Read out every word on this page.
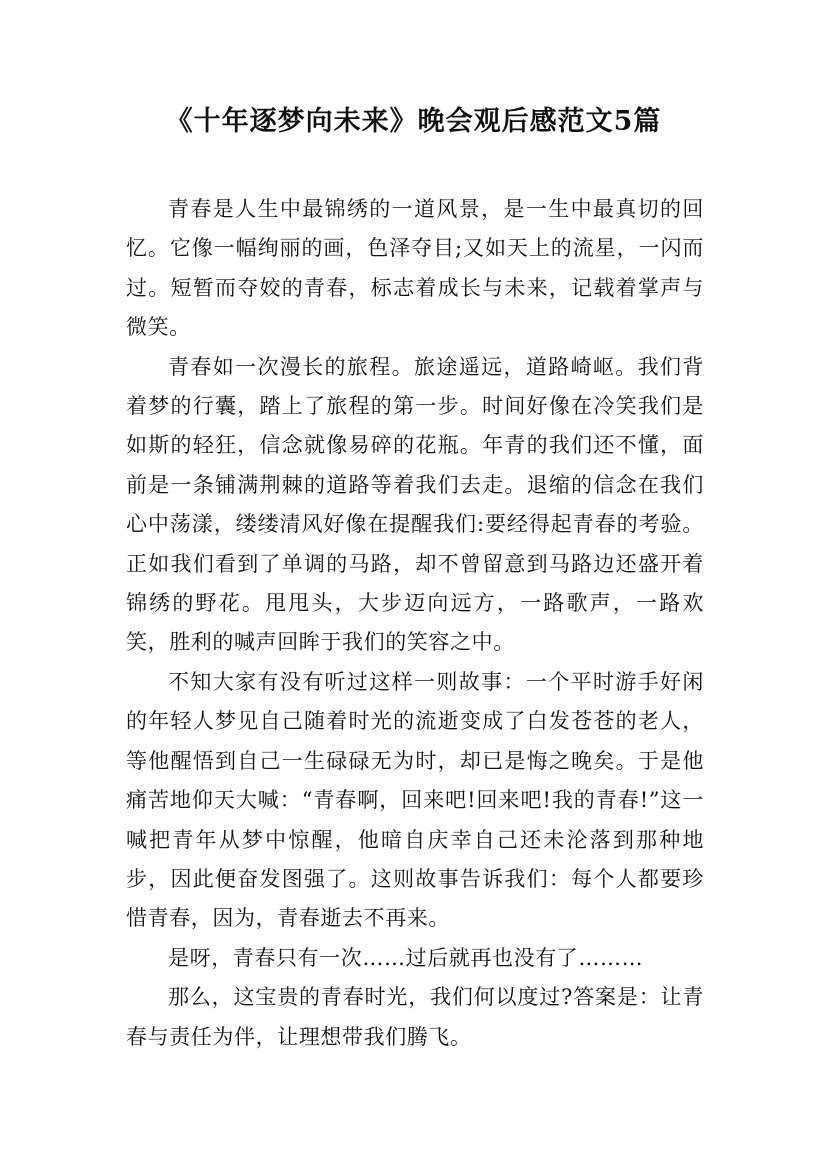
《十年逐梦向未来》晚会观后感范文5篇

青春是人生中最锦绣的一道风景，是一生中最真切的回忆。它像一幅绚丽的画，色泽夺目;又如天上的流星，一闪而过。短暂而夺姣的青春，标志着成长与未来，记载着掌声与微笑。

青春如一次漫长的旅程。旅途遥远，道路崎岖。我们背着梦的行囊，踏上了旅程的第一步。时间好像在冷笑我们是如斯的轻狂，信念就像易碎的花瓶。年青的我们还不懂，面前是一条铺满荆棘的道路等着我们去走。退缩的信念在我们心中荡漾，缕缕清风好像在提醒我们:要经得起青春的考验。正如我们看到了单调的马路，却不曾留意到马路边还盛开着锦绣的野花。甩甩头，大步迈向远方，一路歌声，一路欢笑，胜利的喊声回眸于我们的笑容之中。

不知大家有没有听过这样一则故事：一个平时游手好闲的年轻人梦见自己随着时光的流逝变成了白发苍苍的老人，等他醒悟到自己一生碌碌无为时，却已是悔之晚矣。于是他痛苦地仰天大喊：“青春啊，回来吧!回来吧!我的青春!”这一喊把青年从梦中惊醒，他暗自庆幸自己还未沦落到那种地步，因此便奋发图强了。这则故事告诉我们：每个人都要珍惜青春，因为，青春逝去不再来。

是呀，青春只有一次……过后就再也没有了………

那么，这宝贵的青春时光，我们何以度过?答案是：让青春与责任为伴，让理想带我们腾飞。
